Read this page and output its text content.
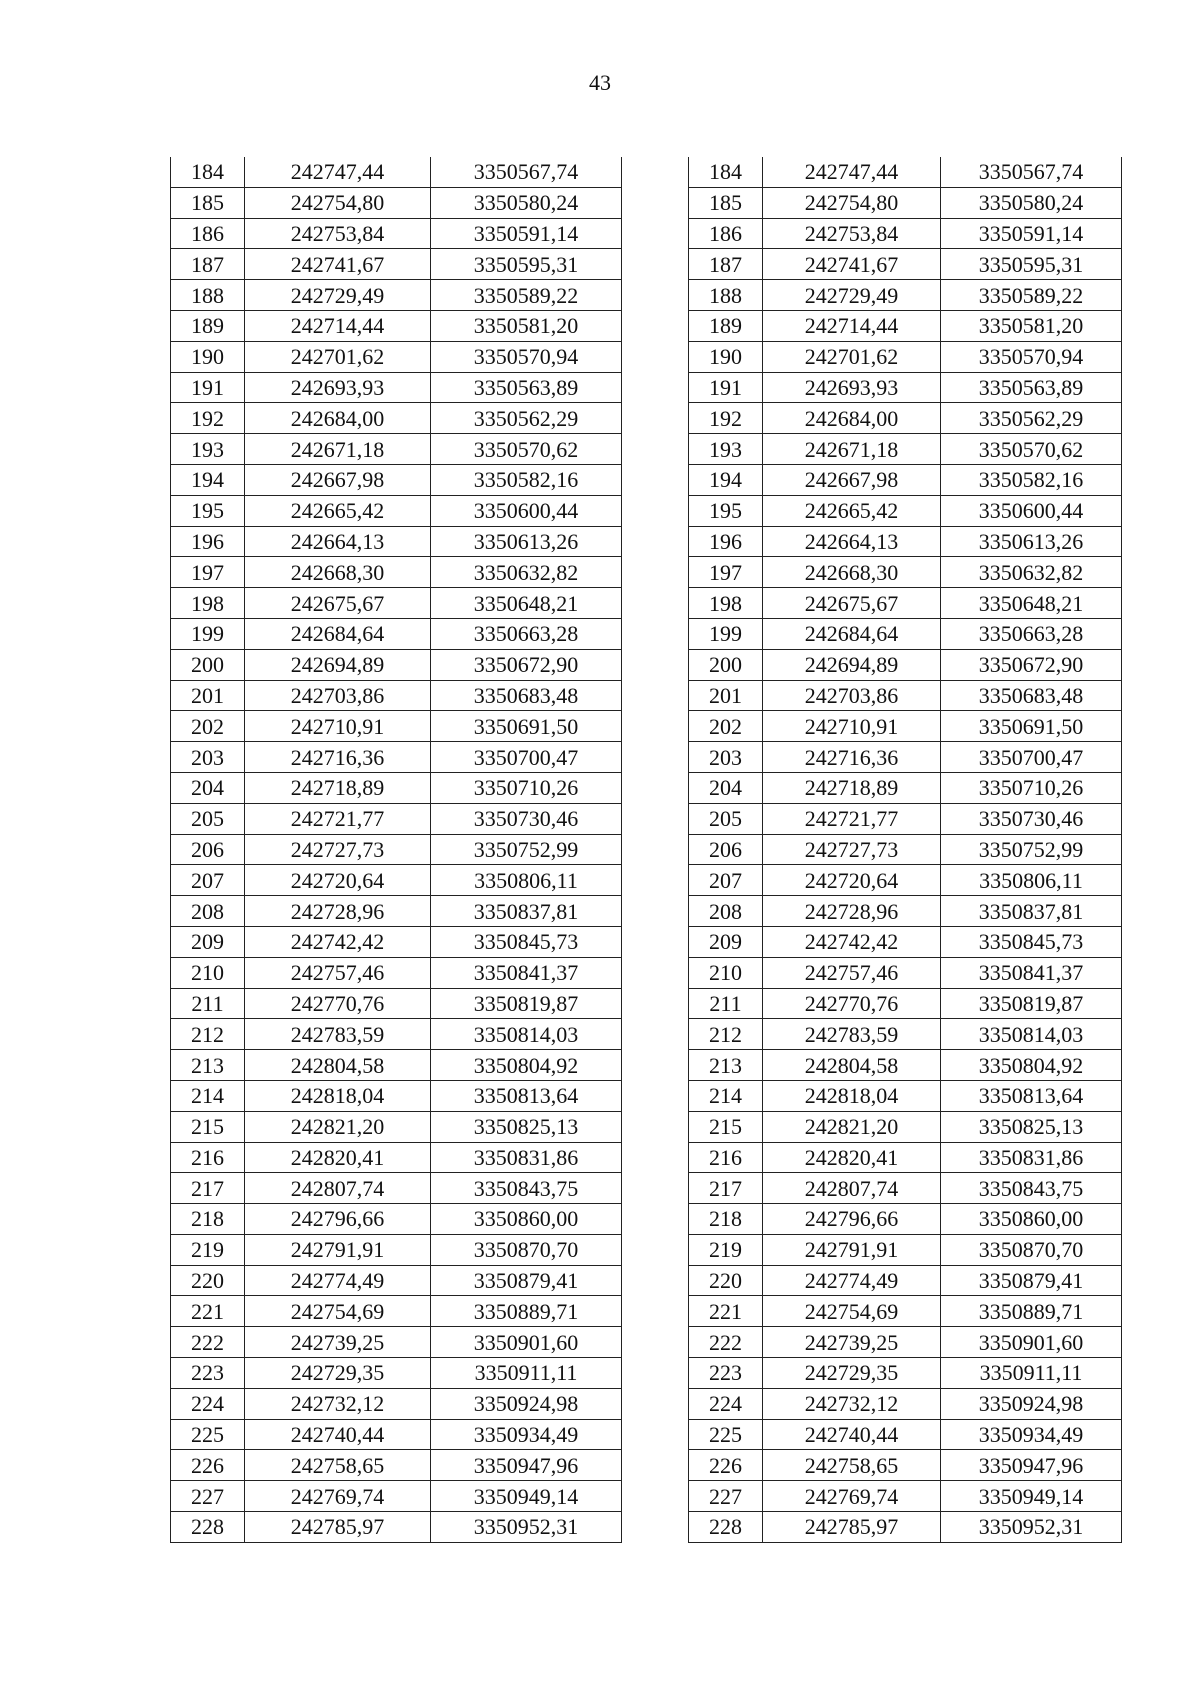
43
184	242747,44	3350567,74
185	242754,80	3350580,24
186	242753,84	3350591,14
187	242741,67	3350595,31
188	242729,49	3350589,22
189	242714,44	3350581,20
190	242701,62	3350570,94
191	242693,93	3350563,89
192	242684,00	3350562,29
193	242671,18	3350570,62
194	242667,98	3350582,16
195	242665,42	3350600,44
196	242664,13	3350613,26
197	242668,30	3350632,82
198	242675,67	3350648,21
199	242684,64	3350663,28
200	242694,89	3350672,90
201	242703,86	3350683,48
202	242710,91	3350691,50
203	242716,36	3350700,47
204	242718,89	3350710,26
205	242721,77	3350730,46
206	242727,73	3350752,99
207	242720,64	3350806,11
208	242728,96	3350837,81
209	242742,42	3350845,73
210	242757,46	3350841,37
211	242770,76	3350819,87
212	242783,59	3350814,03
213	242804,58	3350804,92
214	242818,04	3350813,64
215	242821,20	3350825,13
216	242820,41	3350831,86
217	242807,74	3350843,75
218	242796,66	3350860,00
219	242791,91	3350870,70
220	242774,49	3350879,41
221	242754,69	3350889,71
222	242739,25	3350901,60
223	242729,35	3350911,11
224	242732,12	3350924,98
225	242740,44	3350934,49
226	242758,65	3350947,96
227	242769,74	3350949,14
228	242785,97	3350952,31
184	242747,44	3350567,74
185	242754,80	3350580,24
186	242753,84	3350591,14
187	242741,67	3350595,31
188	242729,49	3350589,22
189	242714,44	3350581,20
190	242701,62	3350570,94
191	242693,93	3350563,89
192	242684,00	3350562,29
193	242671,18	3350570,62
194	242667,98	3350582,16
195	242665,42	3350600,44
196	242664,13	3350613,26
197	242668,30	3350632,82
198	242675,67	3350648,21
199	242684,64	3350663,28
200	242694,89	3350672,90
201	242703,86	3350683,48
202	242710,91	3350691,50
203	242716,36	3350700,47
204	242718,89	3350710,26
205	242721,77	3350730,46
206	242727,73	3350752,99
207	242720,64	3350806,11
208	242728,96	3350837,81
209	242742,42	3350845,73
210	242757,46	3350841,37
211	242770,76	3350819,87
212	242783,59	3350814,03
213	242804,58	3350804,92
214	242818,04	3350813,64
215	242821,20	3350825,13
216	242820,41	3350831,86
217	242807,74	3350843,75
218	242796,66	3350860,00
219	242791,91	3350870,70
220	242774,49	3350879,41
221	242754,69	3350889,71
222	242739,25	3350901,60
223	242729,35	3350911,11
224	242732,12	3350924,98
225	242740,44	3350934,49
226	242758,65	3350947,96
227	242769,74	3350949,14
228	242785,97	3350952,31
